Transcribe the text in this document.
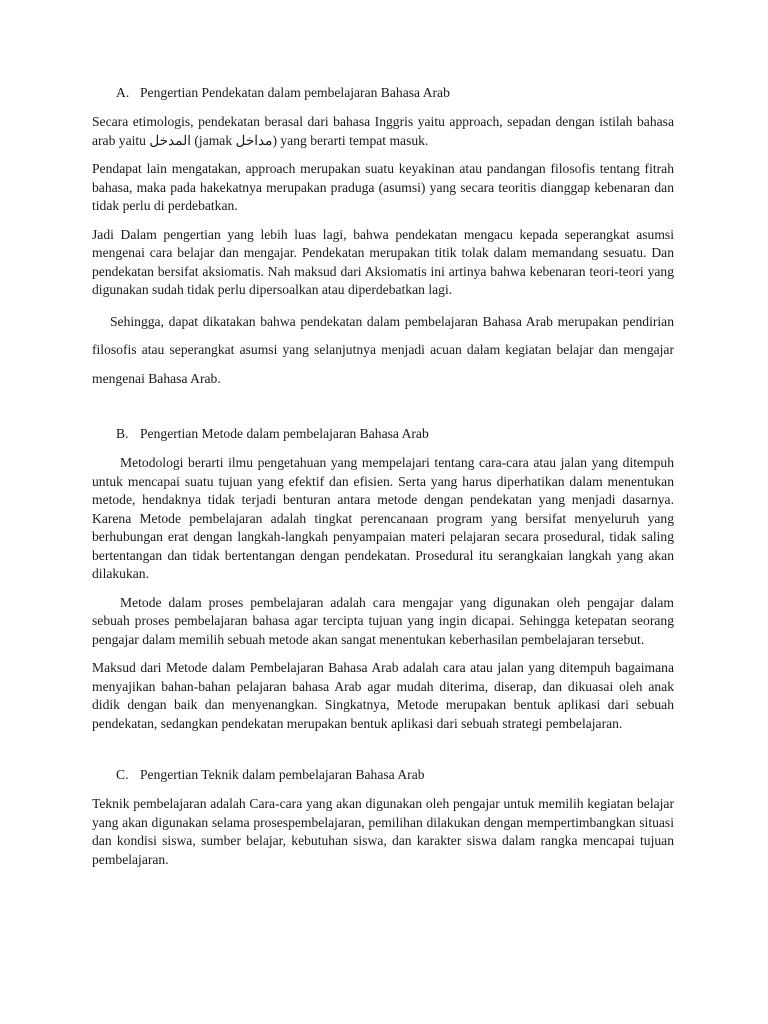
A. Pengertian Pendekatan dalam pembelajaran Bahasa Arab

Secara etimologis, pendekatan berasal dari bahasa Inggris yaitu approach, sepadan dengan istilah bahasa arab yaitu المدخل (jamak مداخل) yang berarti tempat masuk.

Pendapat lain mengatakan, approach merupakan suatu keyakinan atau pandangan filosofis tentang fitrah bahasa, maka pada hakekatnya merupakan praduga (asumsi) yang secara teoritis dianggap kebenaran dan tidak perlu di perdebatkan.

Jadi Dalam pengertian yang lebih luas lagi, bahwa pendekatan mengacu kepada seperangkat asumsi mengenai cara belajar dan mengajar. Pendekatan merupakan titik tolak dalam memandang sesuatu. Dan pendekatan bersifat aksiomatis. Nah maksud dari Aksiomatis ini artinya bahwa kebenaran teori-teori yang digunakan sudah tidak perlu dipersoalkan atau diperdebatkan lagi.

Sehingga, dapat dikatakan bahwa pendekatan dalam pembelajaran Bahasa Arab merupakan pendirian filosofis atau seperangkat asumsi yang selanjutnya menjadi acuan dalam kegiatan belajar dan mengajar mengenai Bahasa Arab.

B. Pengertian Metode dalam pembelajaran Bahasa Arab

Metodologi berarti ilmu pengetahuan yang mempelajari tentang cara-cara atau jalan yang ditempuh untuk mencapai suatu tujuan yang efektif dan efisien. Serta yang harus diperhatikan dalam menentukan metode, hendaknya tidak terjadi benturan antara metode dengan pendekatan yang menjadi dasarnya. Karena Metode pembelajaran adalah tingkat perencanaan program yang bersifat menyeluruh yang berhubungan erat dengan langkah-langkah penyampaian materi pelajaran secara prosedural, tidak saling bertentangan dan tidak bertentangan dengan pendekatan. Prosedural itu serangkaian langkah yang akan dilakukan.

Metode dalam proses pembelajaran adalah cara mengajar yang digunakan oleh pengajar dalam sebuah proses pembelajaran bahasa agar tercipta tujuan yang ingin dicapai. Sehingga ketepatan seorang pengajar dalam memilih sebuah metode akan sangat menentukan keberhasilan pembelajaran tersebut.

Maksud dari Metode dalam Pembelajaran Bahasa Arab adalah cara atau jalan yang ditempuh bagaimana menyajikan bahan-bahan pelajaran bahasa Arab agar mudah diterima, diserap, dan dikuasai oleh anak didik dengan baik dan menyenangkan. Singkatnya, Metode merupakan bentuk aplikasi dari sebuah pendekatan, sedangkan pendekatan merupakan bentuk aplikasi dari sebuah strategi pembelajaran.

C. Pengertian Teknik dalam pembelajaran Bahasa Arab

Teknik pembelajaran adalah Cara-cara yang akan digunakan oleh pengajar untuk memilih kegiatan belajar yang akan digunakan selama prosespembelajaran, pemilihan dilakukan dengan mempertimbangkan situasi dan kondisi siswa, sumber belajar, kebutuhan siswa, dan karakter siswa dalam rangka mencapai tujuan pembelajaran.
